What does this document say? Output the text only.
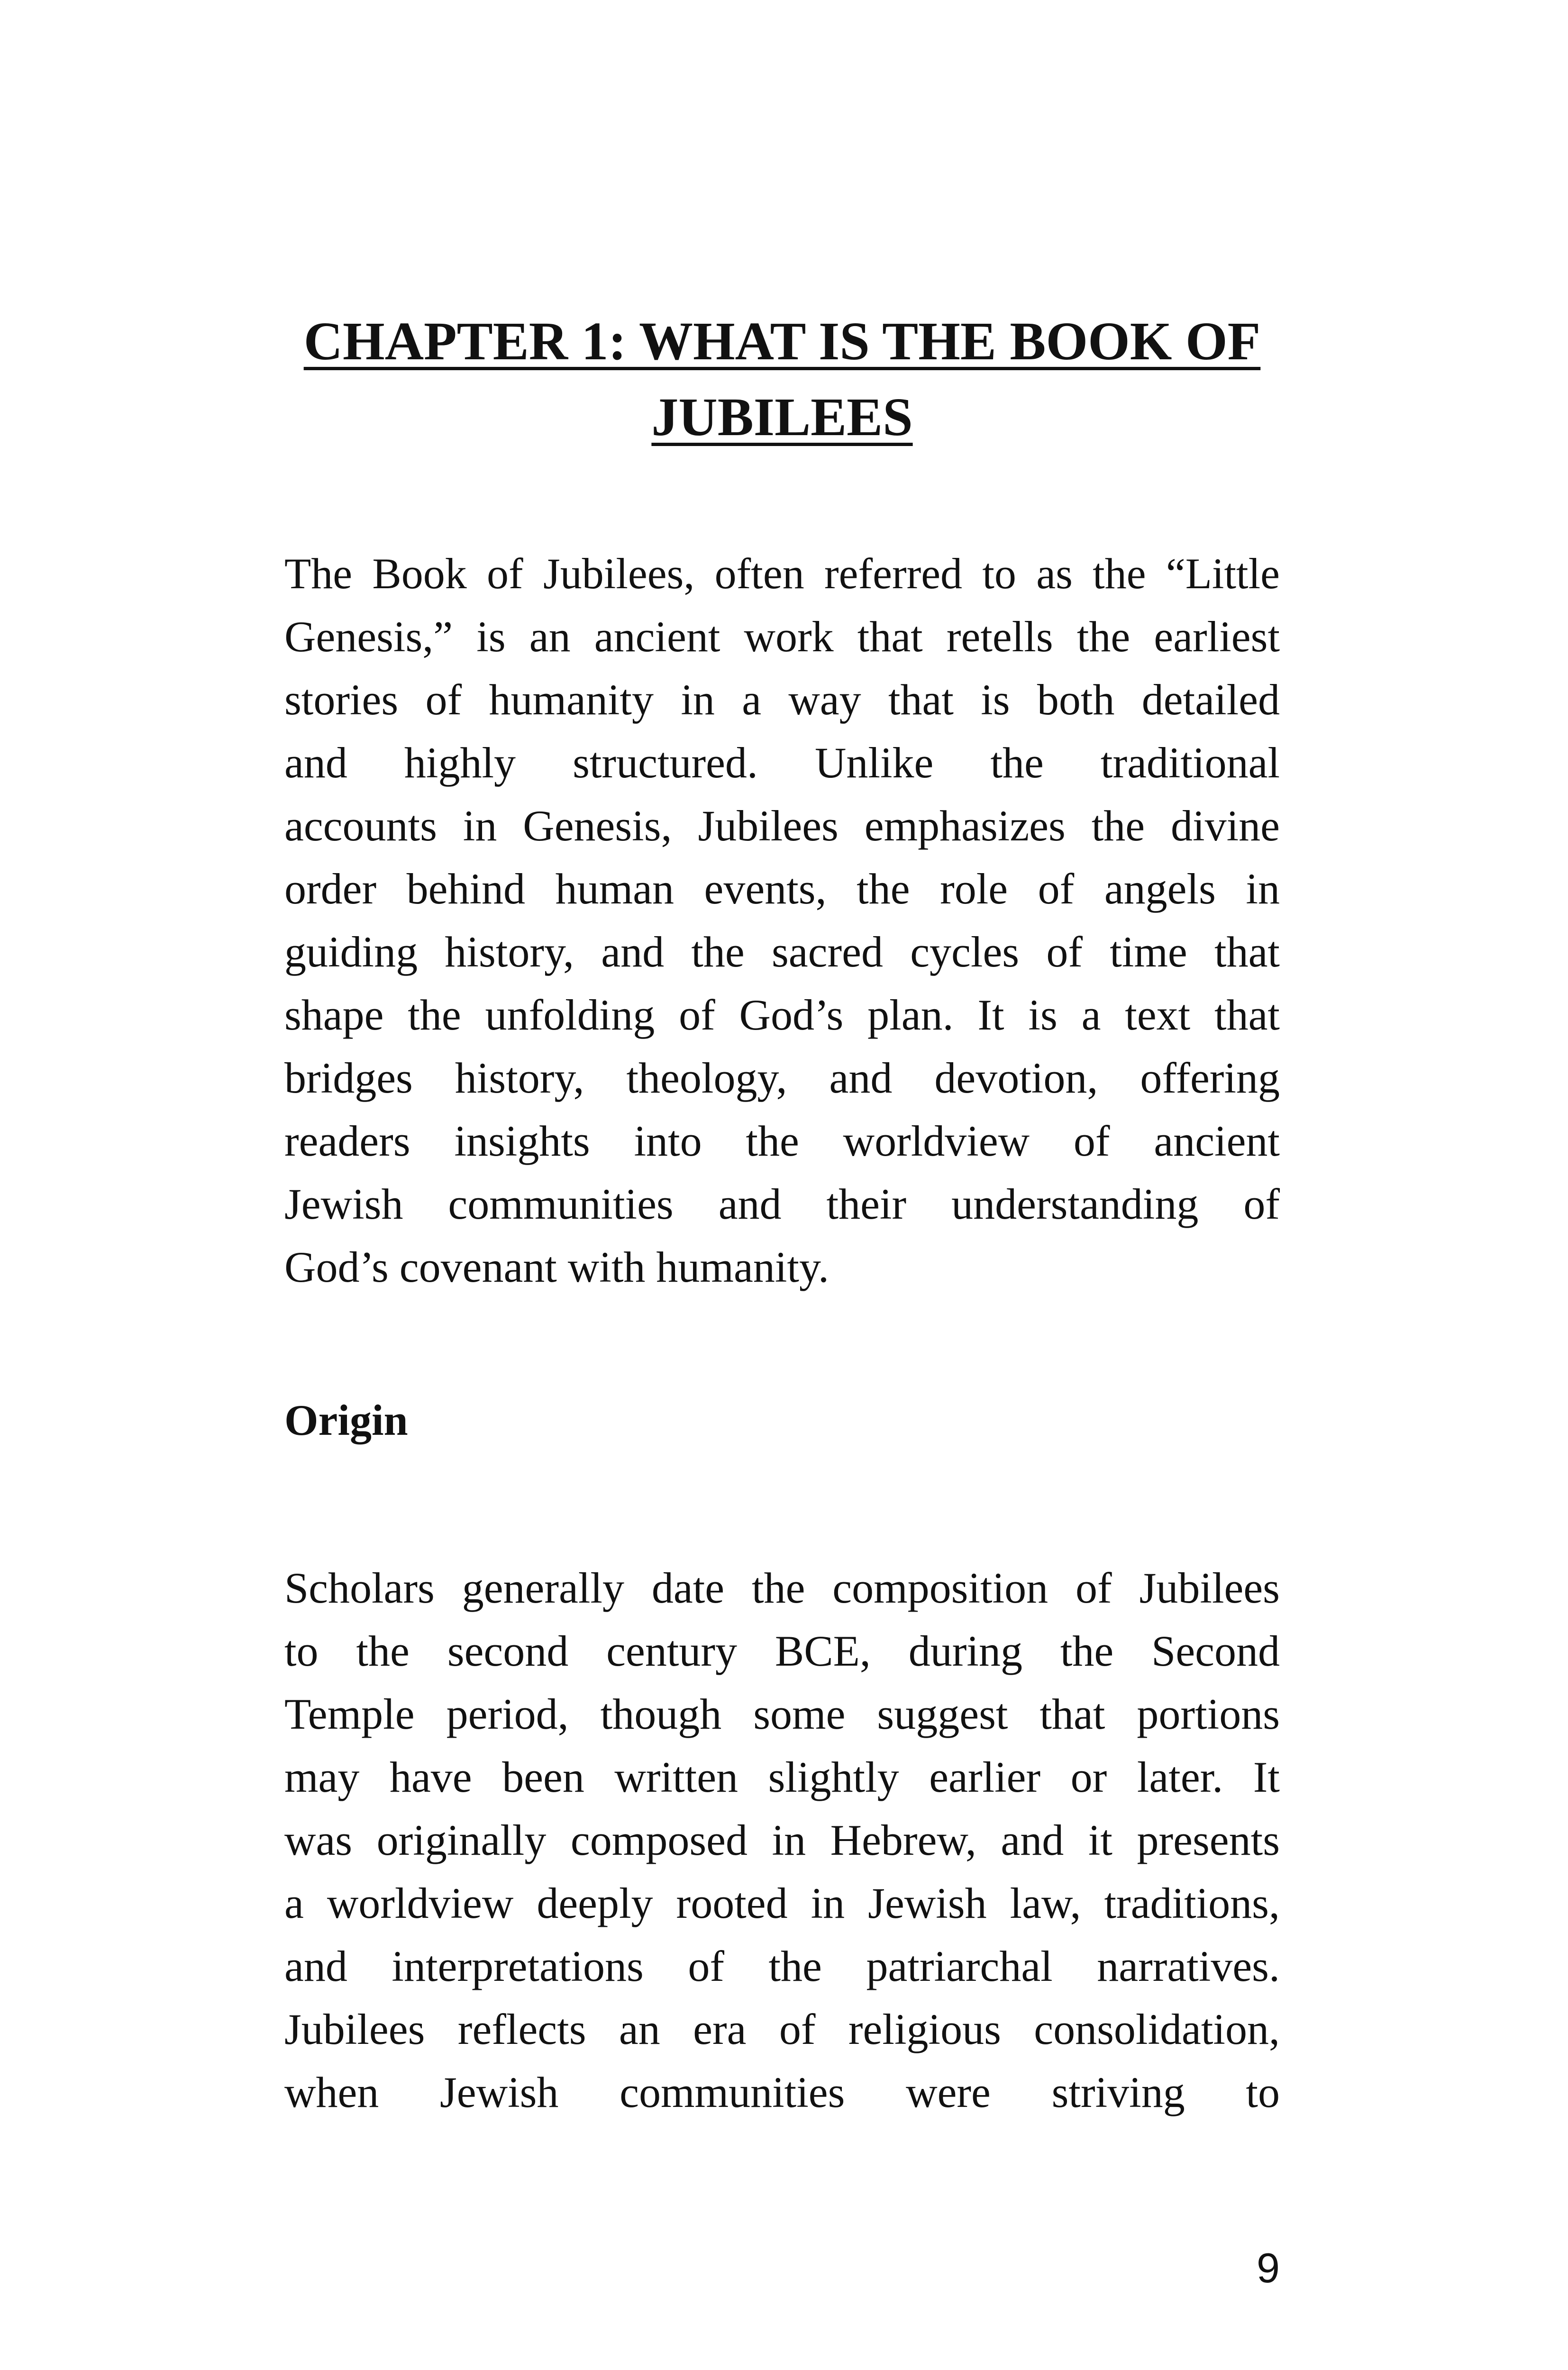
CHAPTER 1: WHAT IS THE BOOK OF
JUBILEES

The Book of Jubilees, often referred to as the “Little
Genesis,” is an ancient work that retells the earliest
stories of humanity in a way that is both detailed
and highly structured. Unlike the traditional
accounts in Genesis, Jubilees emphasizes the divine
order behind human events, the role of angels in
guiding history, and the sacred cycles of time that
shape the unfolding of God’s plan. It is a text that
bridges history, theology, and devotion, offering
readers insights into the worldview of ancient
Jewish communities and their understanding of
God’s covenant with humanity.

Origin

Scholars generally date the composition of Jubilees
to the second century BCE, during the Second
Temple period, though some suggest that portions
may have been written slightly earlier or later. It
was originally composed in Hebrew, and it presents
a worldview deeply rooted in Jewish law, traditions,
and interpretations of the patriarchal narratives.
Jubilees reflects an era of religious consolidation,
when Jewish communities were striving to

9
